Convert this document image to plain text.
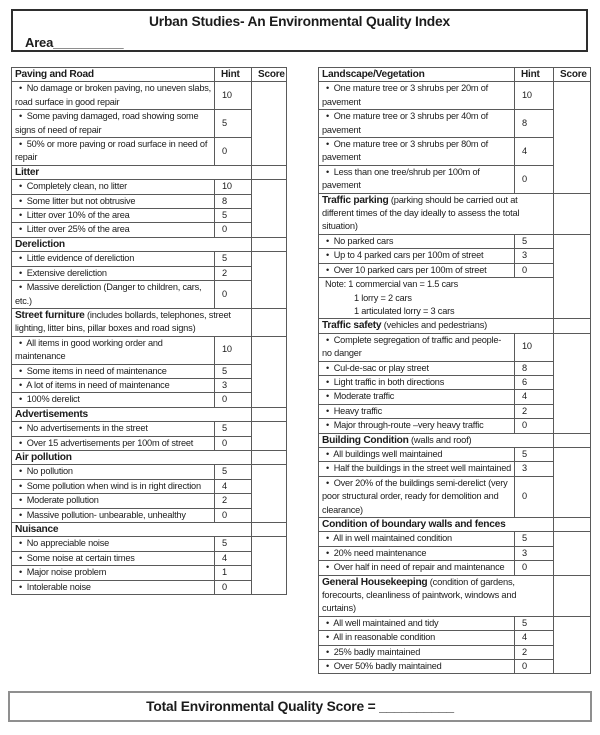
Urban Studies- An Environmental Quality Index
Area__________
Paving and Road	Hint	Score
•  No damage or broken paving, no uneven slabs, road surface in good repair	10	
•  Some paving damaged, road showing some signs of need of repair	5	
•  50% or more paving or road surface in need of repair	0	
Litter		
•  Completely clean, no litter	10	
•  Some litter but not obtrusive	8	
•  Litter over 10% of the area	5	
•  Litter over 25% of the area	0	
Dereliction		
•  Little evidence of dereliction	5	
•  Extensive dereliction	2	
•  Massive dereliction (Danger to children, cars, etc.)	0	
Street furniture (includes bollards, telephones, street lighting, litter bins, pillar boxes and road signs)		
•  All items in good working order and maintenance	10	
•  Some items in need of maintenance	5	
•  A lot of items in need of maintenance	3	
•  100% derelict	0	
Advertisements		
•  No advertisements in the street	5	
•  Over 15 advertisements per 100m of street	0	
Air pollution		
•  No pollution	5	
•  Some pollution when wind is in right direction	4	
•  Moderate pollution	2	
•  Massive pollution- unbearable, unhealthy	0	
Nuisance		
•  No appreciable noise	5	
•  Some noise at certain times	4	
•  Major noise problem	1	
•  Intolerable noise	0	
Landscape/Vegetation	Hint	Score
•  One mature tree or 3 shrubs per 20m of pavement	10	
•  One mature tree or 3 shrubs per 40m of pavement	8	
•  One mature tree or 3 shrubs per 80m of pavement	4	
•  Less than one tree/shrub per 100m of pavement	0	
Traffic parking (parking should be carried out at different times of the day ideally to assess the total situation)		
•  No parked cars	5	
•  Up to 4 parked cars per 100m of street	3	
•  Over 10 parked cars per 100m of street	0	

Note: 1 commercial van = 1.5 cars
1 lorry = 2 cars
1 articulated lorry = 3 cars		

Traffic safety (vehicles and pedestrians)		
•  Complete segregation of traffic and people- no danger	10	
•  Cul-de-sac or play street	8	
•  Light traffic in both directions	6	
•  Moderate traffic	4	
•  Heavy traffic	2	
•  Major through-route –very heavy traffic	0	
Building Condition (walls and roof)		
•  All buildings well maintained	5	
•  Half the buildings in the street well maintained	3	
•  Over 20% of the buildings semi-derelict (very poor structural order, ready for demolition and clearance)	0	
Condition of boundary walls and fences		
•  All in well maintained condition	5	
•  20% need maintenance	3	
•  Over half in need of repair and maintenance	0	
General Housekeeping (condition of gardens, forecourts, cleanliness of paintwork, windows and curtains)		
•  All well maintained and tidy	5	
•  All in reasonable condition	4	
•  25% badly maintained	2	
•  Over 50% badly maintained	0	
Total Environmental Quality Score = __________
